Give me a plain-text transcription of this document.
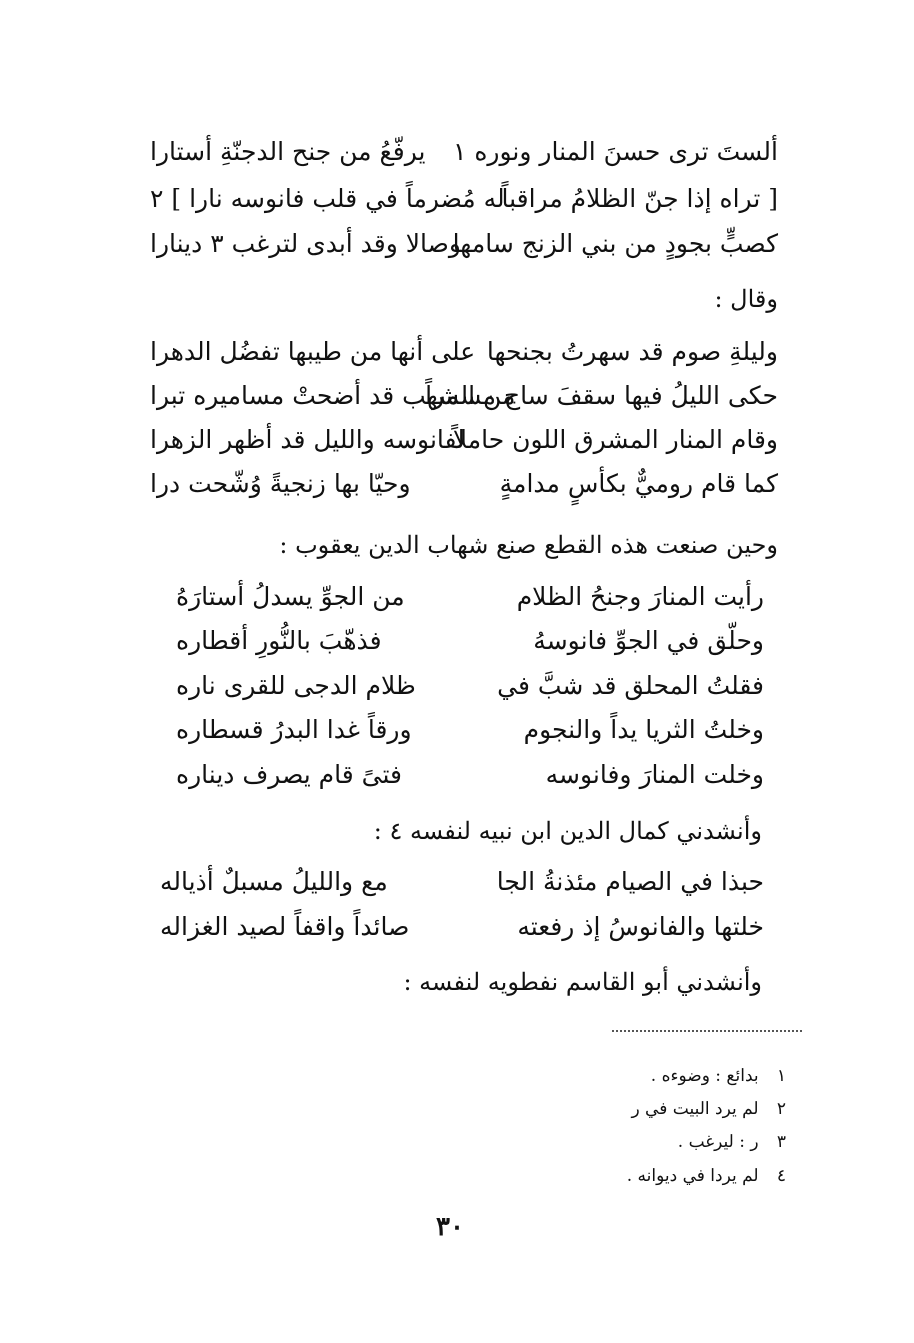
ألستَ ترى حسنَ المنار ونوره ١
يرفّعُ من جنح الدجنّةِ أستارا
[ تراه إذا جنّ الظلامُ مراقباً
له مُضرماً في قلب فانوسه نارا ] ٢
كصبٍّ بجودٍ من بني الزنج سامها
وصالا وقد أبدى لترغب ٣ دينارا
وقال :
وليلةِ صوم قد سهرتُ بجنحها
على أنها من طيبها تفضُل الدهرا
حكى الليلُ فيها سقفَ ساج مسمراً
من الشهب قد أضحتْ مساميره تبرا
وقام المنار المشرق اللون حاملاً
لفانوسه والليل قد أظهر الزهرا
كما قام روميٌّ بكأسٍ مدامةٍ
وحيّا بها زنجيةً وُشّحت درا
وحين صنعت هذه القطع صنع شهاب الدين يعقوب :
رأيت المنارَ وجنحُ الظلام
من الجوِّ يسدلُ أستارَهُ
وحلّق في الجوِّ فانوسهُ
فذهّبَ بالنُّورِ أقطاره
فقلتُ المحلق قد شبَّ في
ظلام الدجى للقرى ناره
وخلتُ الثريا يداً والنجوم
ورقاً غدا البدرُ قسطاره
وخلت المنارَ وفانوسه
فتىً قام يصرف ديناره
وأنشدني كمال الدين ابن نبيه لنفسه ٤ :
حبذا في الصيام مئذنةُ الجا
مع والليلُ مسبلٌ أذياله
خلتها والفانوسُ إذ رفعته
صائداً واقفاً لصيد الغزاله
وأنشدني أبو القاسم نفطويه لنفسه :
١ بدائع : وضوءه .
٢ لم يرد البيت في ر
٣ ر : ليرغب .
٤ لم يردا في ديوانه .
٣٠
